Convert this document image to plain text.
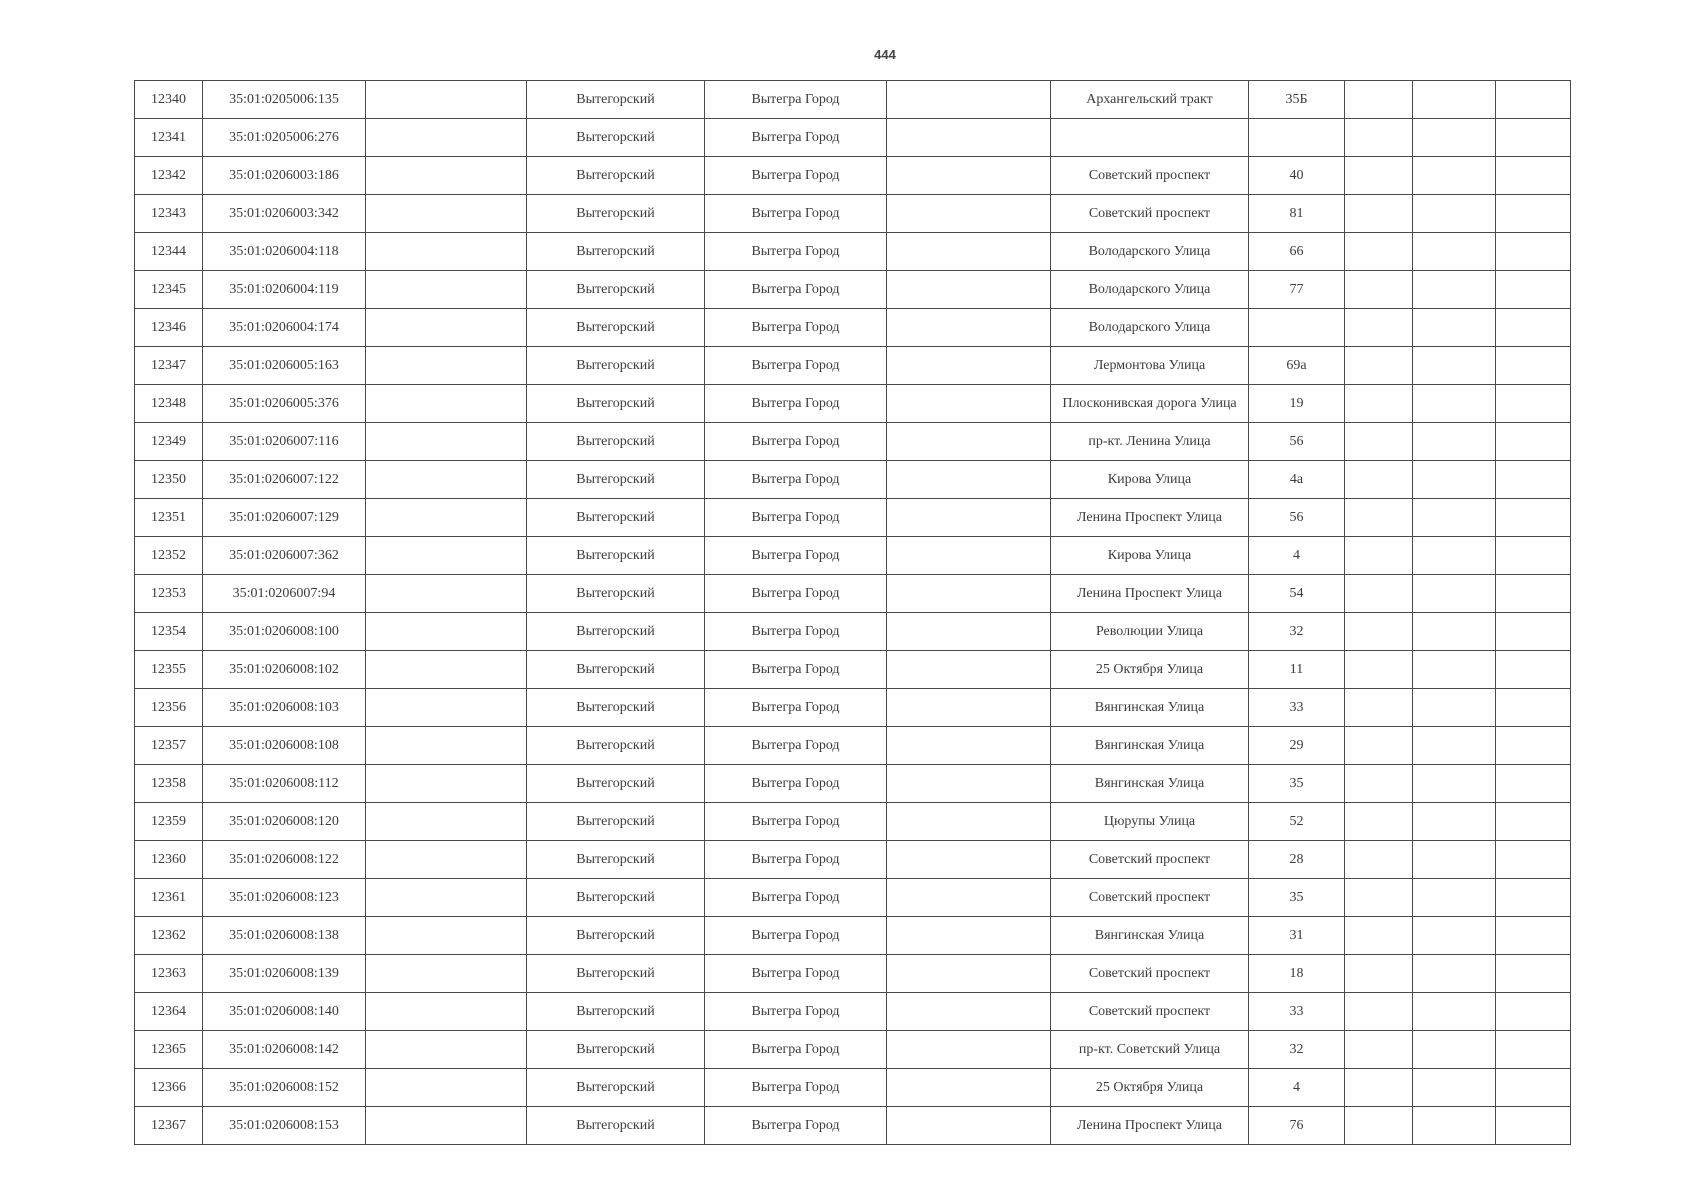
444
12340	35:01:0205006:135		Вытегорский	Вытегра Город		Архангельский тракт	35Б			
12341	35:01:0205006:276		Вытегорский	Вытегра Город						
12342	35:01:0206003:186		Вытегорский	Вытегра Город		Советский проспект	40			
12343	35:01:0206003:342		Вытегорский	Вытегра Город		Советский проспект	81			
12344	35:01:0206004:118		Вытегорский	Вытегра Город		Володарского Улица	66			
12345	35:01:0206004:119		Вытегорский	Вытегра Город		Володарского Улица	77			
12346	35:01:0206004:174		Вытегорский	Вытегра Город		Володарского Улица				
12347	35:01:0206005:163		Вытегорский	Вытегра Город		Лермонтова Улица	69а			
12348	35:01:0206005:376		Вытегорский	Вытегра Город		Плосконивская дорога Улица	19			
12349	35:01:0206007:116		Вытегорский	Вытегра Город		пр-кт. Ленина Улица	56			
12350	35:01:0206007:122		Вытегорский	Вытегра Город		Кирова Улица	4а			
12351	35:01:0206007:129		Вытегорский	Вытегра Город		Ленина Проспект Улица	56			
12352	35:01:0206007:362		Вытегорский	Вытегра Город		Кирова Улица	4			
12353	35:01:0206007:94		Вытегорский	Вытегра Город		Ленина Проспект Улица	54			
12354	35:01:0206008:100		Вытегорский	Вытегра Город		Революции Улица	32			
12355	35:01:0206008:102		Вытегорский	Вытегра Город		25 Октября Улица	11			
12356	35:01:0206008:103		Вытегорский	Вытегра Город		Вянгинская Улица	33			
12357	35:01:0206008:108		Вытегорский	Вытегра Город		Вянгинская Улица	29			
12358	35:01:0206008:112		Вытегорский	Вытегра Город		Вянгинская Улица	35			
12359	35:01:0206008:120		Вытегорский	Вытегра Город		Цюрупы Улица	52			
12360	35:01:0206008:122		Вытегорский	Вытегра Город		Советский проспект	28			
12361	35:01:0206008:123		Вытегорский	Вытегра Город		Советский проспект	35			
12362	35:01:0206008:138		Вытегорский	Вытегра Город		Вянгинская Улица	31			
12363	35:01:0206008:139		Вытегорский	Вытегра Город		Советский проспект	18			
12364	35:01:0206008:140		Вытегорский	Вытегра Город		Советский проспект	33			
12365	35:01:0206008:142		Вытегорский	Вытегра Город		пр-кт. Советский Улица	32			
12366	35:01:0206008:152		Вытегорский	Вытегра Город		25 Октября Улица	4			
12367	35:01:0206008:153		Вытегорский	Вытегра Город		Ленина Проспект Улица	76			
